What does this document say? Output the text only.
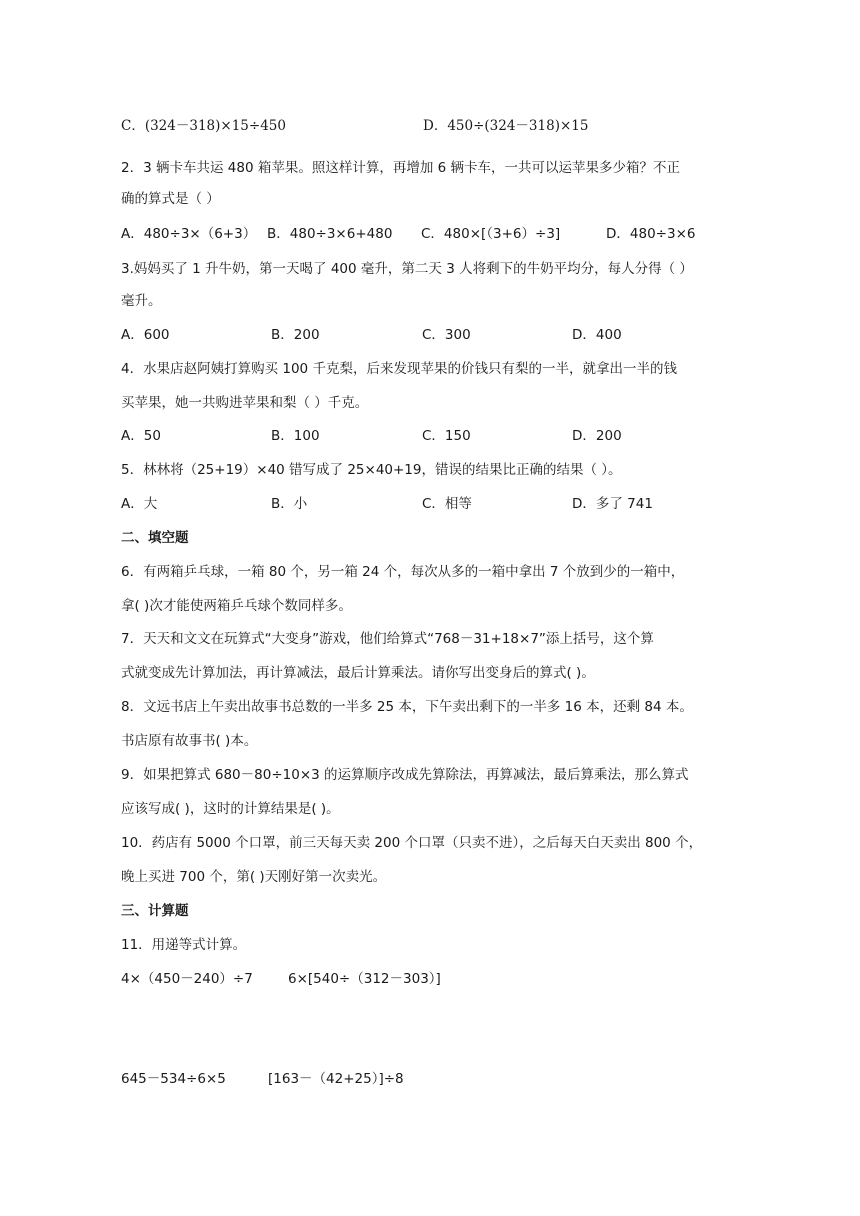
C．(324－318)×15÷450	D．450÷(324－318)×15
2．3 辆卡车共运 480 箱苹果。照这样计算，再增加 6 辆卡车，一共可以运苹果多少箱？不正
确的算式是（ ）
A．480÷3×（6+3） B．480÷3×6+480 C．480×[（3+6）÷3]	D．480÷3×6
3.妈妈买了 1 升牛奶，第一天喝了 400 毫升，第二天 3 人将剩下的牛奶平均分，每人分得（ ）
毫升。
A．600	B．200	C．300	D．400
4．水果店赵阿姨打算购买 100 千克梨，后来发现苹果的价钱只有梨的一半，就拿出一半的钱
买苹果，她一共购进苹果和梨（ ）千克。
A．50	B．100	C．150	D．200
5．林林将（25+19）×40 错写成了 25×40+19，错误的结果比正确的结果（ ）。
A．大	B．小	C．相等	D．多了 741
二、填空题
6．有两箱乒乓球，一箱 80 个，另一箱 24 个，每次从多的一箱中拿出 7 个放到少的一箱中，
拿( )次才能使两箱乒乓球个数同样多。
7．天天和文文在玩算式“大变身”游戏，他们给算式“768－31+18×7”添上括号，这个算
式就变成先计算加法，再计算减法，最后计算乘法。请你写出变身后的算式( )。
8．文远书店上午卖出故事书总数的一半多 25 本，下午卖出剩下的一半多 16 本，还剩 84 本。
书店原有故事书( )本。
9．如果把算式 680－80÷10×3 的运算顺序改成先算除法，再算减法，最后算乘法，那么算式
应该写成( )，这时的计算结果是( )。
10．药店有 5000 个口罩，前三天每天卖 200 个口罩（只卖不进），之后每天白天卖出 800 个，
晚上买进 700 个，第( )天刚好第一次卖光。
三、计算题
11．用递等式计算。
4×（450－240）÷7	6×[540÷（312－303）]
645－534÷6×5	[163－（42+25）]÷8
